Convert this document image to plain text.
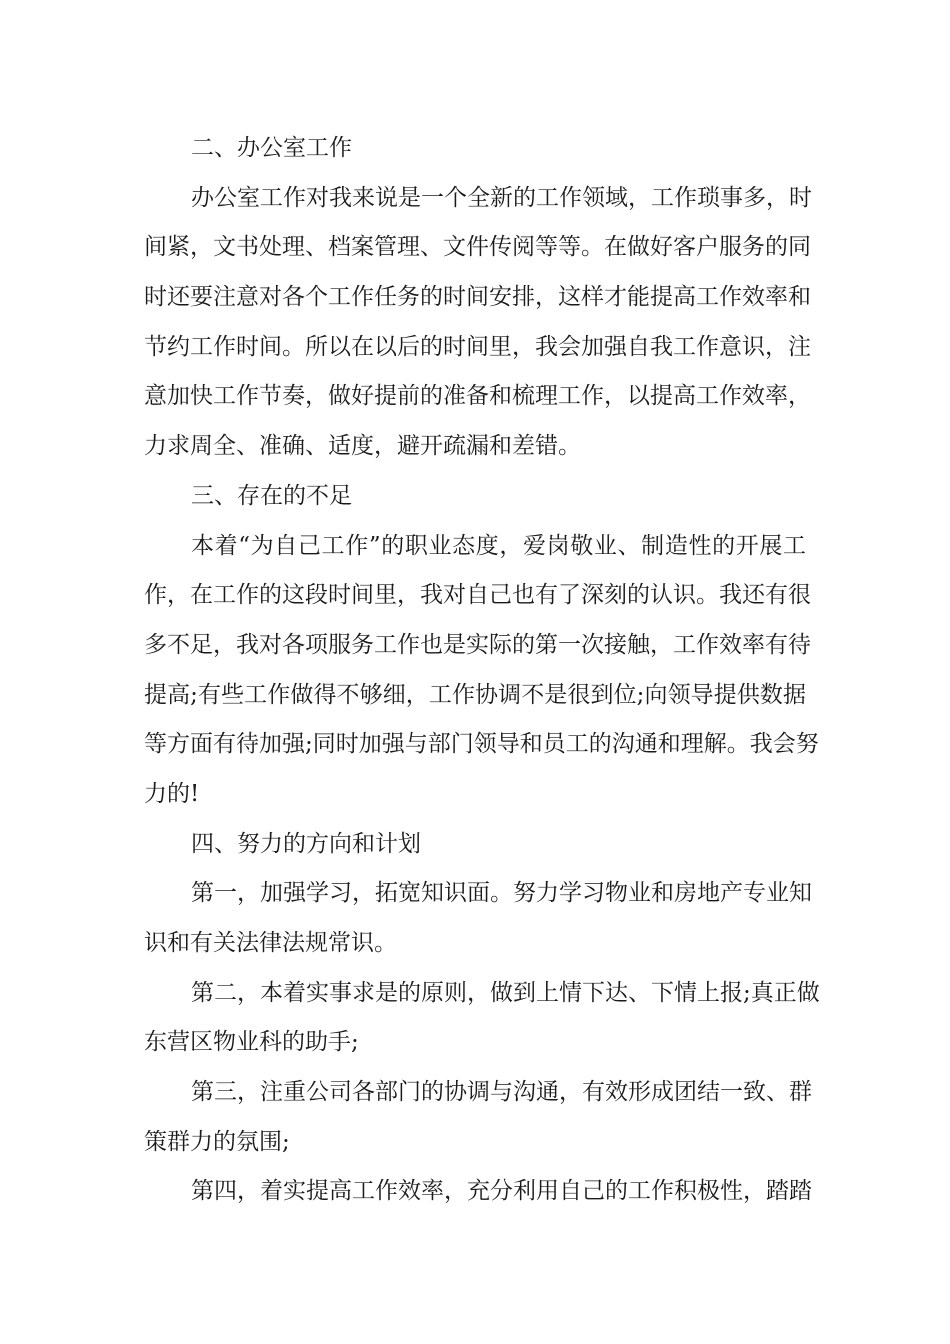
二、办公室工作
办公室工作对我来说是一个全新的工作领域，工作琐事多，时
间紧，文书处理、档案管理、文件传阅等等。在做好客户服务的同
时还要注意对各个工作任务的时间安排，这样才能提高工作效率和
节约工作时间。所以在以后的时间里，我会加强自我工作意识，注
意加快工作节奏，做好提前的准备和梳理工作，以提高工作效率，
力求周全、准确、适度，避开疏漏和差错。
三、存在的不足
本着“为自己工作”的职业态度，爱岗敬业、制造性的开展工
作，在工作的这段时间里，我对自己也有了深刻的认识。我还有很
多不足，我对各项服务工作也是实际的第一次接触，工作效率有待
提高;有些工作做得不够细，工作协调不是很到位;向领导提供数据
等方面有待加强;同时加强与部门领导和员工的沟通和理解。我会努
力的!
四、努力的方向和计划
第一，加强学习，拓宽知识面。努力学习物业和房地产专业知
识和有关法律法规常识。
第二，本着实事求是的原则，做到上情下达、下情上报;真正做
东营区物业科的助手;
第三，注重公司各部门的协调与沟通，有效形成团结一致、群
策群力的氛围;
第四，着实提高工作效率，充分利用自己的工作积极性，踏踏
